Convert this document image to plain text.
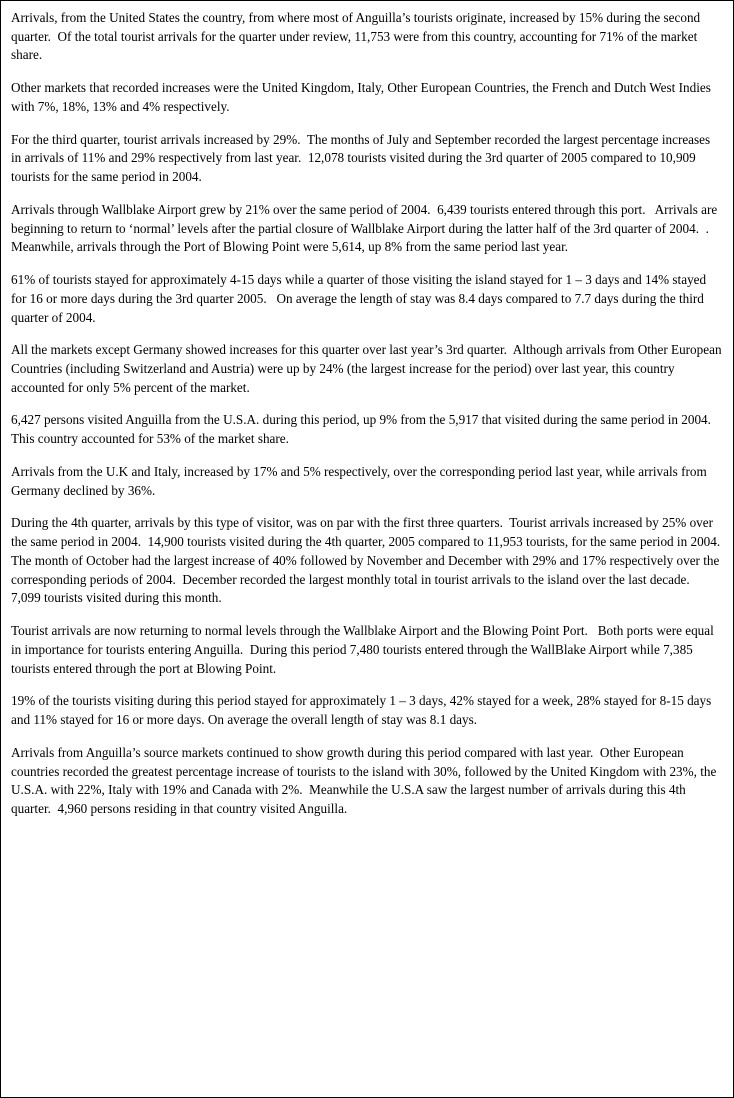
Arrivals, from the United States the country, from where most of Anguilla’s tourists originate, increased by 15% during the second quarter.  Of the total tourist arrivals for the quarter under review, 11,753 were from this country, accounting for 71% of the market share.

Other markets that recorded increases were the United Kingdom, Italy, Other European Countries, the French and Dutch West Indies with 7%, 18%, 13% and 4% respectively.

For the third quarter, tourist arrivals increased by 29%.  The months of July and September recorded the largest percentage increases in arrivals of 11% and 29% respectively from last year.  12,078 tourists visited during the 3rd quarter of 2005 compared to 10,909 tourists for the same period in 2004.

Arrivals through Wallblake Airport grew by 21% over the same period of 2004.  6,439 tourists entered through this port.   Arrivals are beginning to return to ‘normal’ levels after the partial closure of Wallblake Airport during the latter half of the 3rd quarter of 2004.  .  Meanwhile, arrivals through the Port of Blowing Point were 5,614, up 8% from the same period last year.

61% of tourists stayed for approximately 4-15 days while a quarter of those visiting the island stayed for 1 – 3 days and 14% stayed for 16 or more days during the 3rd quarter 2005.   On average the length of stay was 8.4 days compared to 7.7 days during the third quarter of 2004.

All the markets except Germany showed increases for this quarter over last year’s 3rd quarter.  Although arrivals from Other European Countries (including Switzerland and Austria) were up by 24% (the largest increase for the period) over last year, this country accounted for only 5% percent of the market.

6,427 persons visited Anguilla from the U.S.A. during this period, up 9% from the 5,917 that visited during the same period in 2004.  This country accounted for 53% of the market share.

Arrivals from the U.K and Italy, increased by 17% and 5% respectively, over the corresponding period last year, while arrivals from Germany declined by 36%.

During the 4th quarter, arrivals by this type of visitor, was on par with the first three quarters.  Tourist arrivals increased by 25% over the same period in 2004.  14,900 tourists visited during the 4th quarter, 2005 compared to 11,953 tourists, for the same period in 2004. The month of October had the largest increase of 40% followed by November and December with 29% and 17% respectively over the corresponding periods of 2004.  December recorded the largest monthly total in tourist arrivals to the island over the last decade.  7,099 tourists visited during this month.

Tourist arrivals are now returning to normal levels through the Wallblake Airport and the Blowing Point Port.   Both ports were equal in importance for tourists entering Anguilla.  During this period 7,480 tourists entered through the WallBlake Airport while 7,385 tourists entered through the port at Blowing Point.

19% of the tourists visiting during this period stayed for approximately 1 – 3 days, 42% stayed for a week, 28% stayed for 8-15 days and 11% stayed for 16 or more days. On average the overall length of stay was 8.1 days.

Arrivals from Anguilla’s source markets continued to show growth during this period compared with last year.  Other European countries recorded the greatest percentage increase of tourists to the island with 30%, followed by the United Kingdom with 23%, the U.S.A. with 22%, Italy with 19% and Canada with 2%.  Meanwhile the U.S.A saw the largest number of arrivals during this 4th quarter.  4,960 persons residing in that country visited Anguilla.
